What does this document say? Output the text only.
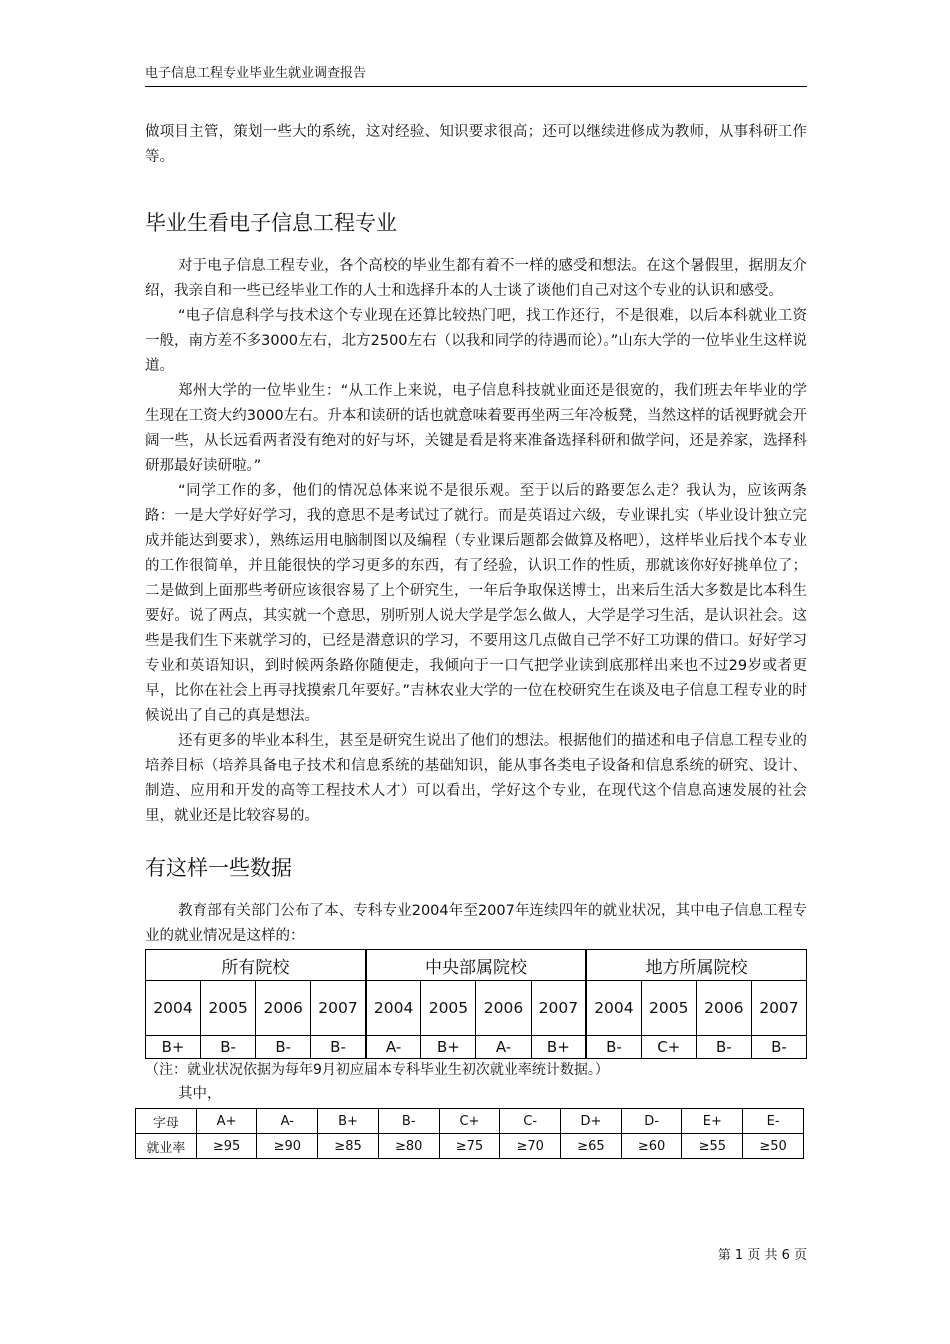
电子信息工程专业毕业生就业调查报告

做项目主管，策划一些大的系统，这对经验、知识要求很高；还可以继续进修成为教师，从事科研工作等。

毕业生看电子信息工程专业

对于电子信息工程专业，各个高校的毕业生都有着不一样的感受和想法。在这个暑假里，据朋友介绍，我亲自和一些已经毕业工作的人士和选择升本的人士谈了谈他们自己对这个专业的认识和感受。

“电子信息科学与技术这个专业现在还算比较热门吧，找工作还行，不是很难，以后本科就业工资一般，南方差不多3000左右，北方2500左右（以我和同学的待遇而论）。”山东大学的一位毕业生这样说道。

郑州大学的一位毕业生：“从工作上来说，电子信息科技就业面还是很宽的，我们班去年毕业的学生现在工资大约3000左右。升本和读研的话也就意味着要再坐两三年冷板凳，当然这样的话视野就会开阔一些，从长远看两者没有绝对的好与坏，关键是看是将来准备选择科研和做学问，还是养家，选择科研那最好读研啦。”

“同学工作的多，他们的情况总体来说不是很乐观。至于以后的路要怎么走？我认为，应该两条路：一是大学好好学习，我的意思不是考试过了就行。而是英语过六级，专业课扎实（毕业设计独立完成并能达到要求），熟练运用电脑制图以及编程（专业课后题都会做算及格吧），这样毕业后找个本专业的工作很简单，并且能很快的学习更多的东西，有了经验，认识工作的性质，那就该你好好挑单位了；二是做到上面那些考研应该很容易了上个研究生，一年后争取保送博士，出来后生活大多数是比本科生要好。说了两点，其实就一个意思，别听别人说大学是学怎么做人，大学是学习生活，是认识社会。这些是我们生下来就学习的，已经是潜意识的学习，不要用这几点做自己学不好工功课的借口。好好学习专业和英语知识，到时候两条路你随便走，我倾向于一口气把学业读到底那样出来也不过29岁或者更早，比你在社会上再寻找摸索几年要好。”吉林农业大学的一位在校研究生在谈及电子信息工程专业的时候说出了自己的真是想法。

还有更多的毕业本科生，甚至是研究生说出了他们的想法。根据他们的描述和电子信息工程专业的培养目标（培养具备电子技术和信息系统的基础知识，能从事各类电子设备和信息系统的研究、设计、制造、应用和开发的高等工程技术人才）可以看出，学好这个专业，在现代这个信息高速发展的社会里，就业还是比较容易的。

有这样一些数据

教育部有关部门公布了本、专科专业2004年至2007年连续四年的就业状况，其中电子信息工程专业的就业情况是这样的：

所有院校				中央部属院校				地方所属院校			
2004	2005	2006	2007	2004	2005	2006	2007	2004	2005	2006	2007
B+	B-	B-	B-	A-	B+	A-	B+	B-	C+	B-	B-

（注：就业状况依据为每年9月初应届本专科毕业生初次就业率统计数据。）

其中，

字母	A+	A-	B+	B-	C+	C-	D+	D-	E+	E-
就业率	≥95	≥90	≥85	≥80	≥75	≥70	≥65	≥60	≥55	≥50
第 1 页 共 6 页
